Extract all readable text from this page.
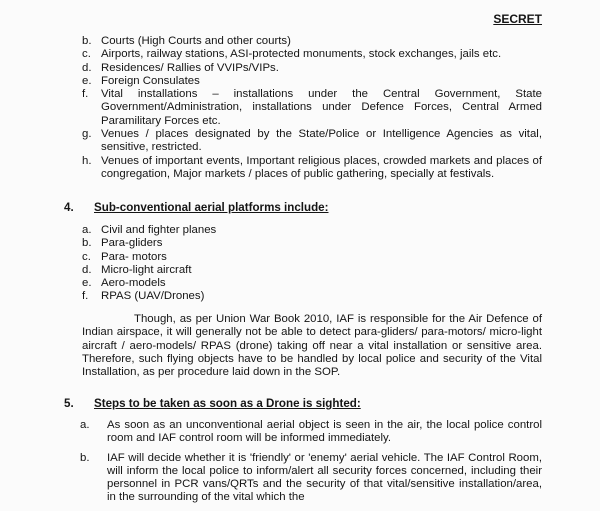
SECRET
b. Courts (High Courts and other courts)
c. Airports, railway stations, ASI-protected monuments, stock exchanges, jails etc.
d. Residences/ Rallies of VVIPs/VIPs.
e. Foreign Consulates
f. Vital installations – installations under the Central Government, State Government/Administration, installations under Defence Forces, Central Armed Paramilitary Forces etc.
g. Venues / places designated by the State/Police or Intelligence Agencies as vital, sensitive, restricted.
h. Venues of important events, Important religious places, crowded markets and places of congregation, Major markets / places of public gathering, specially at festivals.
4. Sub-conventional aerial platforms include:
a. Civil and fighter planes
b. Para-gliders
c. Para- motors
d. Micro-light aircraft
e. Aero-models
f. RPAS (UAV/Drones)
Though, as per Union War Book 2010, IAF is responsible for the Air Defence of Indian airspace, it will generally not be able to detect para-gliders/ para-motors/ micro-light aircraft / aero-models/ RPAS (drone) taking off near a vital installation or sensitive area. Therefore, such flying objects have to be handled by local police and security of the Vital Installation, as per procedure laid down in the SOP.
5. Steps to be taken as soon as a Drone is sighted:
a. As soon as an unconventional aerial object is seen in the air, the local police control room and IAF control room will be informed immediately.
b. IAF will decide whether it is 'friendly' or 'enemy' aerial vehicle. The IAF Control Room, will inform the local police to inform/alert all security forces concerned, including their personnel in PCR vans/QRTs and the security of that vital/sensitive installation/area, in the surrounding of the vital which the
